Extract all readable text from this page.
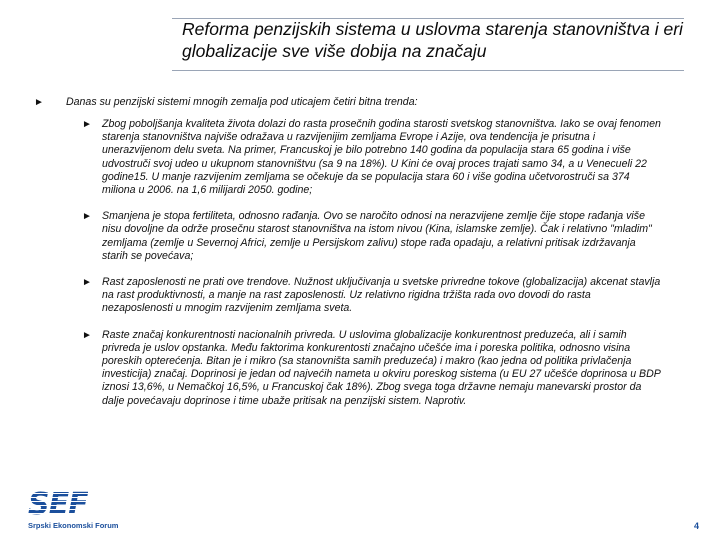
Reforma penzijskih sistema u uslovma starenja stanovništva i eri globalizacije sve više dobija na značaju
►	Danas su penzijski sistemi mnogih zemalja pod uticajem četiri bitna trenda:
► Zbog poboljšanja kvaliteta života dolazi do rasta prosečnih godina starosti svetskog stanovništva. Iako se ovaj fenomen starenja stanovništva najviše odražava u razvijenijim zemljama Evrope i Azije, ova tendencija je prisutna i unerazvijenom delu sveta. Na primer, Francuskoj je bilo potrebno 140 godina da populacija stara 65 godina i više udvostruči svoj udeo u ukupnom stanovništvu (sa 9 na 18%). U Kini će ovaj proces trajati samo 34, a u Venecueli 22 godine15. U manje razvijenim zemljama se očekuje da se populacija stara 60 i više godina učetvorostruči sa 374 miliona u 2006. na 1,6 milijardi 2050. godine;
► Smanjena je stopa fertiliteta, odnosno rađanja. Ovo se naročito odnosi na nerazvijene zemlje čije stope rađanja više nisu dovoljne da održe prosečnu starost stanovništva na istom nivou (Kina, islamske zemlje). Čak i relativno "mladim" zemljama (zemlje u Severnoj Africi, zemlje u Persijskom zalivu) stope rađa opadaju, a relativni pritisak izdržavanja starih se povećava;
► Rast zaposlenosti ne prati ove trendove. Nužnost uključivanja u svetske privredne tokove (globalizacija) akcenat stavlja na rast produktivnosti, a manje na rast zaposlenosti. Uz relativno rigidna tržišta rada ovo dovodi do rasta nezaposlenosti u mnogim razvijenim zemljama sveta.
► Raste značaj konkurentnosti nacionalnih privreda. U uslovima globalizacije konkurentnost preduzeća, ali i samih privreda je uslov opstanka. Među faktorima konkurentosti značajno učešće ima i poreska politika, odnosno visina poreskih opterećenja. Bitan je i mikro (sa stanovništa samih preduzeća) i makro (kao jedna od politika privlačenja investicija) značaj. Doprinosi je jedan od najvećih nameta u okviru poreskog sistema (u EU 27 učešće doprinosa u BDP iznosi 13,6%, u Nemačkoj 16,5%, u Francuskoj čak 18%). Zbog svega toga državne nemaju manevarski prostor da dalje povećavaju doprinose i time ubaže pritisak na penzijski sistem. Naprotiv.
SEF
Srpski Ekonomski Forum	4
